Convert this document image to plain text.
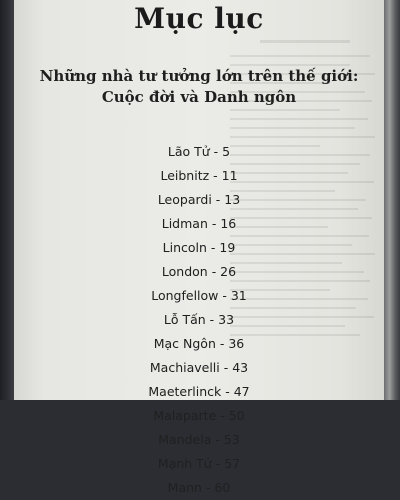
Mục lục
Những nhà tư tưởng lớn trên thế giới:
Cuộc đời và Danh ngôn
Lão Tử - 5
Leibnitz - 11
Leopardi - 13
Lidman - 16
Lincoln - 19
London - 26
Longfellow - 31
Lỗ Tấn - 33
Mạc Ngôn - 36
Machiavelli - 43
Maeterlinck - 47
Malaparte - 50
Mandela - 53
Mạnh Tử - 57
Mann - 60
